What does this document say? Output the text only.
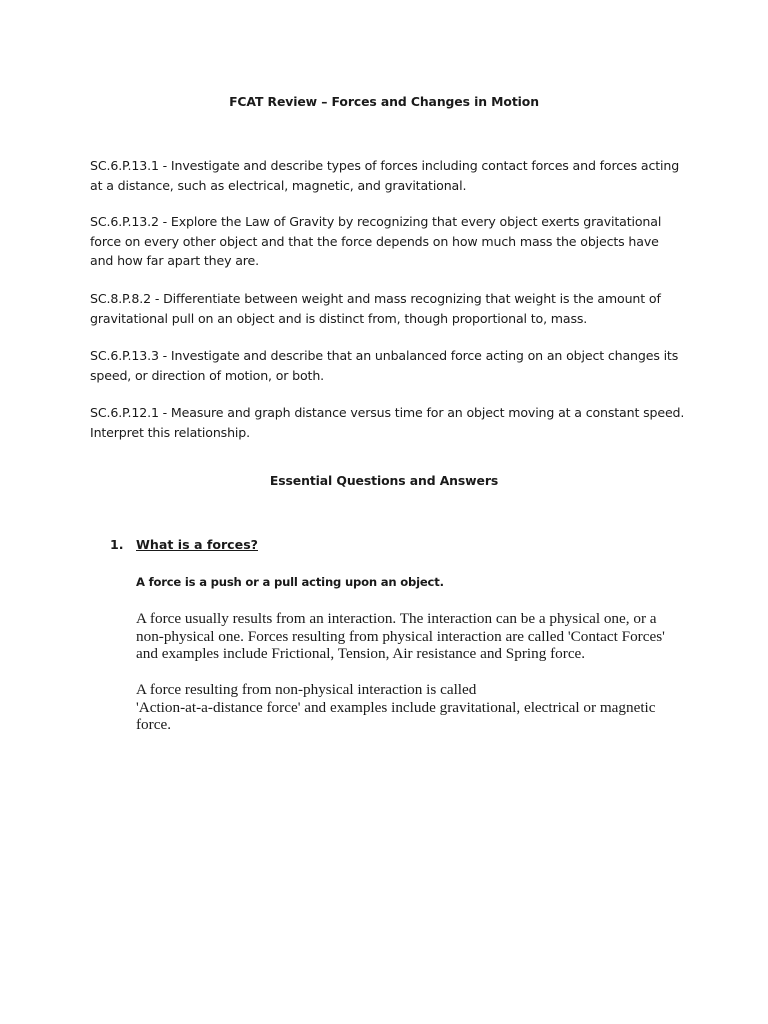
FCAT Review – Forces and Changes in Motion
SC.6.P.13.1 - Investigate and describe types of forces including contact forces and forces acting
at a distance, such as electrical, magnetic, and gravitational.
SC.6.P.13.2 - Explore the Law of Gravity by recognizing that every object exerts gravitational
force on every other object and that the force depends on how much mass the objects have
and how far apart they are.
SC.8.P.8.2 - Differentiate between weight and mass recognizing that weight is the amount of
gravitational pull on an object and is distinct from, though proportional to, mass.
SC.6.P.13.3 - Investigate and describe that an unbalanced force acting on an object changes its
speed, or direction of motion, or both.
SC.6.P.12.1 - Measure and graph distance versus time for an object moving at a constant speed.
Interpret this relationship.
Essential Questions and Answers
1. What is a forces?
A force is a push or a pull acting upon an object.
A force usually results from an interaction. The interaction can be a physical one, or a
non-physical one. Forces resulting from physical interaction are called 'Contact Forces'
and examples include Frictional, Tension, Air resistance and Spring force.
A force resulting from non-physical interaction is called
'Action-at-a-distance force' and examples include gravitational, electrical or magnetic
force.
